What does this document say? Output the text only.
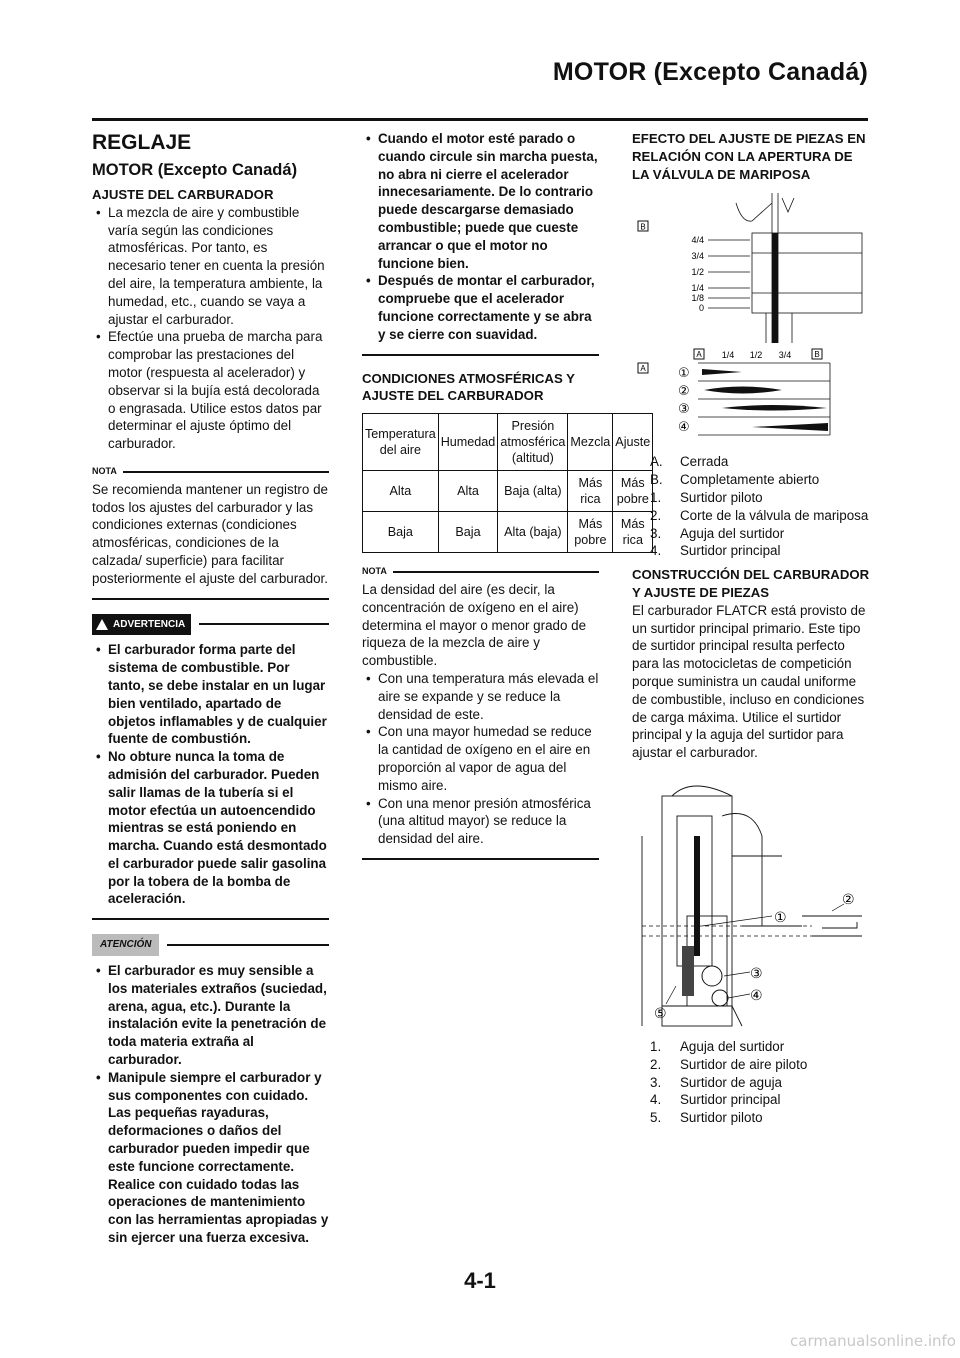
MOTOR (Excepto Canadá)
REGLAJE
MOTOR (Excepto Canadá)
AJUSTE DEL CARBURADOR
• La mezcla de aire y combustible varía según las condiciones atmosféricas. Por tanto, es necesario tener en cuenta la presión del aire, la temperatura ambiente, la humedad, etc., cuando se vaya a ajustar el carburador.
• Efectúe una prueba de marcha para comprobar las prestaciones del motor (respuesta al acelerador) y observar si la bujía está decolorada o engrasada. Utilice estos datos par determinar el ajuste óptimo del carburador.
NOTA
Se recomienda mantener un registro de todos los ajustes del carburador y las condiciones externas (condiciones atmosféricas, condiciones de la calzada/ superficie) para facilitar posteriormente el ajuste del carburador.
ADVERTENCIA
• El carburador forma parte del sistema de combustible. Por tanto, se debe instalar en un lugar bien ventilado, apartado de objetos inflamables y de cualquier fuente de combustión.
• No obture nunca la toma de admisión del carburador. Pueden salir llamas de la tubería si el motor efectúa un autoencendido mientras se está poniendo en marcha. Cuando está desmontado el carburador puede salir gasolina por la tobera de la bomba de aceleración.
ATENCIÓN
• El carburador es muy sensible a los materiales extraños (suciedad, arena, agua, etc.). Durante la instalación evite la penetración de toda materia extraña al carburador.
• Manipule siempre el carburador y sus componentes con cuidado. Las pequeñas rayaduras, deformaciones o daños del carburador pueden impedir que este funcione correctamente. Realice con cuidado todas las operaciones de mantenimiento con las herramientas apropiadas y sin ejercer una fuerza excesiva.
• Cuando el motor esté parado o cuando circule sin marcha puesta, no abra ni cierre el acelerador innecesariamente. De lo contrario puede descargarse demasiado combustible; puede que cueste arrancar o que el motor no funcione bien.
• Después de montar el carburador, compruebe que el acelerador funcione correctamente y se abra y se cierre con suavidad.
CONDICIONES ATMOSFÉRICAS Y AJUSTE DEL CARBURADOR
Temperatura del aire	Humedad	Presión atmosférica (altitud)	Mezcla	Ajuste
Alta	Alta	Baja (alta)	Más rica	Más pobre
Baja	Baja	Alta (baja)	Más pobre	Más rica
NOTA
La densidad del aire (es decir, la concentración de oxígeno en el aire) determina el mayor o menor grado de riqueza de la mezcla de aire y combustible.
• Con una temperatura más elevada el aire se expande y se reduce la densidad de este.
• Con una mayor humedad se reduce la cantidad de oxígeno en el aire en proporción al vapor de agua del mismo aire.
• Con una menor presión atmosférica (una altitud mayor) se reduce la densidad del aire.
EFECTO DEL AJUSTE DE PIEZAS EN RELACIÓN CON LA APERTURA DE LA VÁLVULA DE MARIPOSA
B
A
4/4
3/4
1/2
1/4
1/8
0
A	B
1/4 1/2 3/4
①
②
③
④
A.	Cerrada
B.	Completamente abierto
1.	Surtidor piloto
2.	Corte de la válvula de mariposa
3.	Aguja del surtidor
4.	Surtidor principal
CONSTRUCCIÓN DEL CARBURADOR Y AJUSTE DE PIEZAS
El carburador FLATCR está provisto de un surtidor principal primario. Este tipo de surtidor principal resulta perfecto para las motocicletas de competición porque suministra un caudal uniforme de combustible, incluso en condiciones de carga máxima. Utilice el surtidor principal y la aguja del surtidor para ajustar el carburador.
①
②
③
④
⑤
1.	Aguja del surtidor
2.	Surtidor de aire piloto
3.	Surtidor de aguja
4.	Surtidor principal
5.	Surtidor piloto
4-1
carmanualsonline.info
